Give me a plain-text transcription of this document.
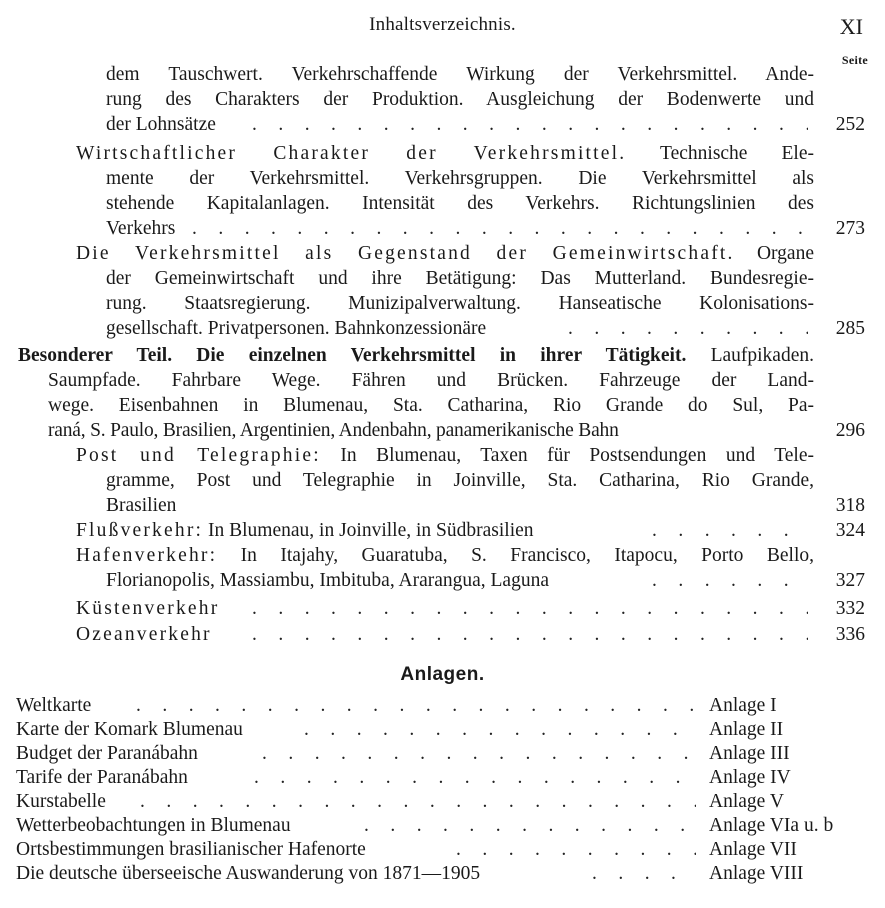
Inhaltsverzeichnis.	XI
Seite
dem Tauschwert. Verkehrschaffende Wirkung der Verkehrsmittel. Ande-
rung des Charakters der Produktion. Ausgleichung der Bodenwerte und
der Lohnsätze . . .	252
Wirtschaftlicher Charakter der Verkehrsmittel. Technische Ele-
mente der Verkehrsmittel. Verkehrsgruppen. Die Verkehrsmittel als
stehende Kapitalanlagen. Intensität des Verkehrs. Richtungslinien des
Verkehrs . . .	273
Die Verkehrsmittel als Gegenstand der Gemeinwirtschaft. Organe
der Gemeinwirtschaft und ihre Betätigung: Das Mutterland. Bundesregie-
rung. Staatsregierung. Munizipalverwaltung. Hanseatische Kolonisations-
gesellschaft. Privatpersonen. Bahnkonzessionäre . . .	285
Besonderer Teil. Die einzelnen Verkehrsmittel in ihrer Tätigkeit. Laufpikaden.
Saumpfade. Fahrbare Wege. Fähren und Brücken. Fahrzeuge der Land-
wege. Eisenbahnen in Blumenau, Sta. Catharina, Rio Grande do Sul, Pa-
raná, S. Paulo, Brasilien, Argentinien, Andenbahn, panamerikanische Bahn	296
Post und Telegraphie: In Blumenau, Taxen für Postsendungen und Tele-
gramme, Post und Telegraphie in Joinville, Sta. Catharina, Rio Grande,
Brasilien	318
Flußverkehr: In Blumenau, in Joinville, in Südbrasilien . . .	324
Hafenverkehr: In Itajahy, Guaratuba, S. Francisco, Itapocu, Porto Bello,
Florianopolis, Massiambu, Imbituba, Ararangua, Laguna . . .	327
Küstenverkehr . . .	332
Ozeanverkehr . . .	336
Anlagen.
Weltkarte . . .	Anlage I
Karte der Komark Blumenau . . .	Anlage II
Budget der Paranábahn . . .	Anlage III
Tarife der Paranábahn . . .	Anlage IV
Kurstabelle . . .	Anlage V
Wetterbeobachtungen in Blumenau . . .	Anlage VIa u. b
Ortsbestimmungen brasilianischer Hafenorte . . .	Anlage VII
Die deutsche überseeische Auswanderung von 1871—1905 . . .	Anlage VIII
